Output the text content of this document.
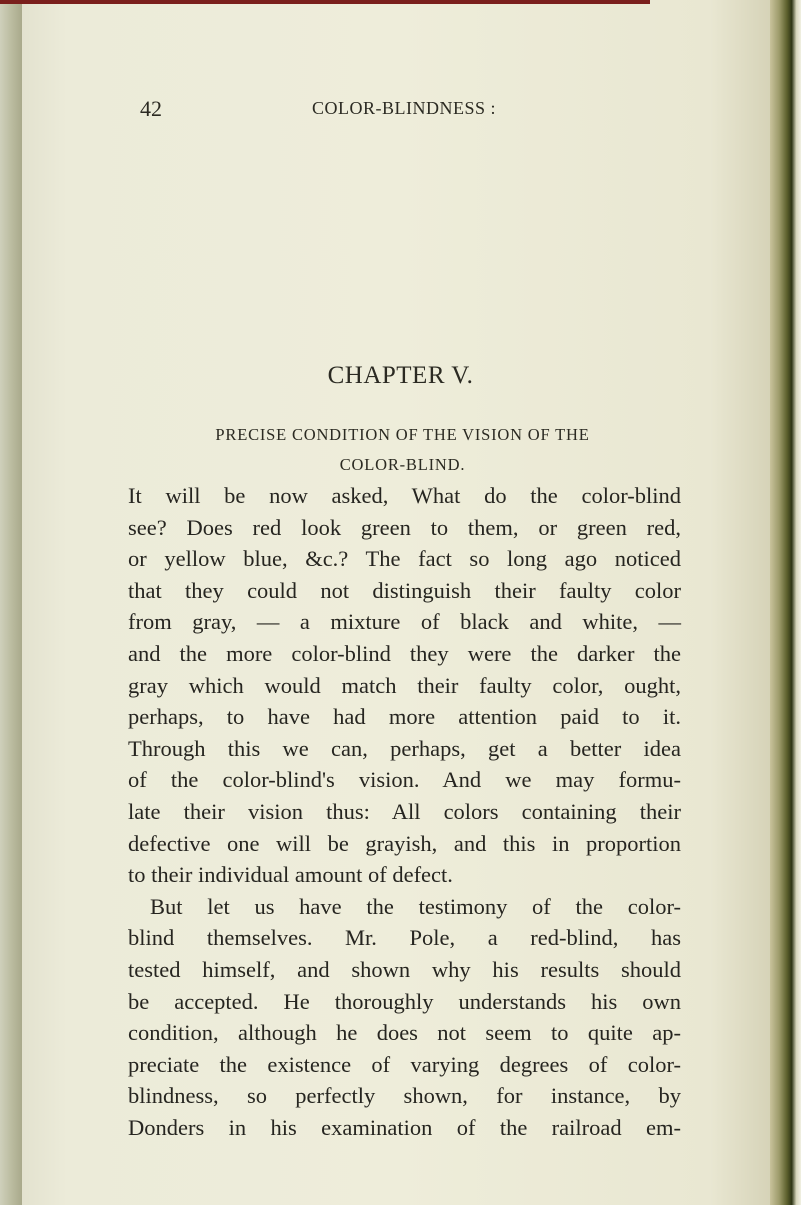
42	COLOR-BLINDNESS :
CHAPTER V.
PRECISE CONDITION OF THE VISION OF THE
COLOR-BLIND.
It will be now asked, What do the color-blind
see? Does red look green to them, or green red,
or yellow blue, &c.? The fact so long ago noticed
that they could not distinguish their faulty color
from gray, — a mixture of black and white, —
and the more color-blind they were the darker the
gray which would match their faulty color, ought,
perhaps, to have had more attention paid to it.
Through this we can, perhaps, get a better idea
of the color-blind's vision. And we may formu-
late their vision thus: All colors containing their
defective one will be grayish, and this in proportion
to their individual amount of defect.
But let us have the testimony of the color-
blind themselves. Mr. Pole, a red-blind, has
tested himself, and shown why his results should
be accepted. He thoroughly understands his own
condition, although he does not seem to quite ap-
preciate the existence of varying degrees of color-
blindness, so perfectly shown, for instance, by
Donders in his examination of the railroad em-
